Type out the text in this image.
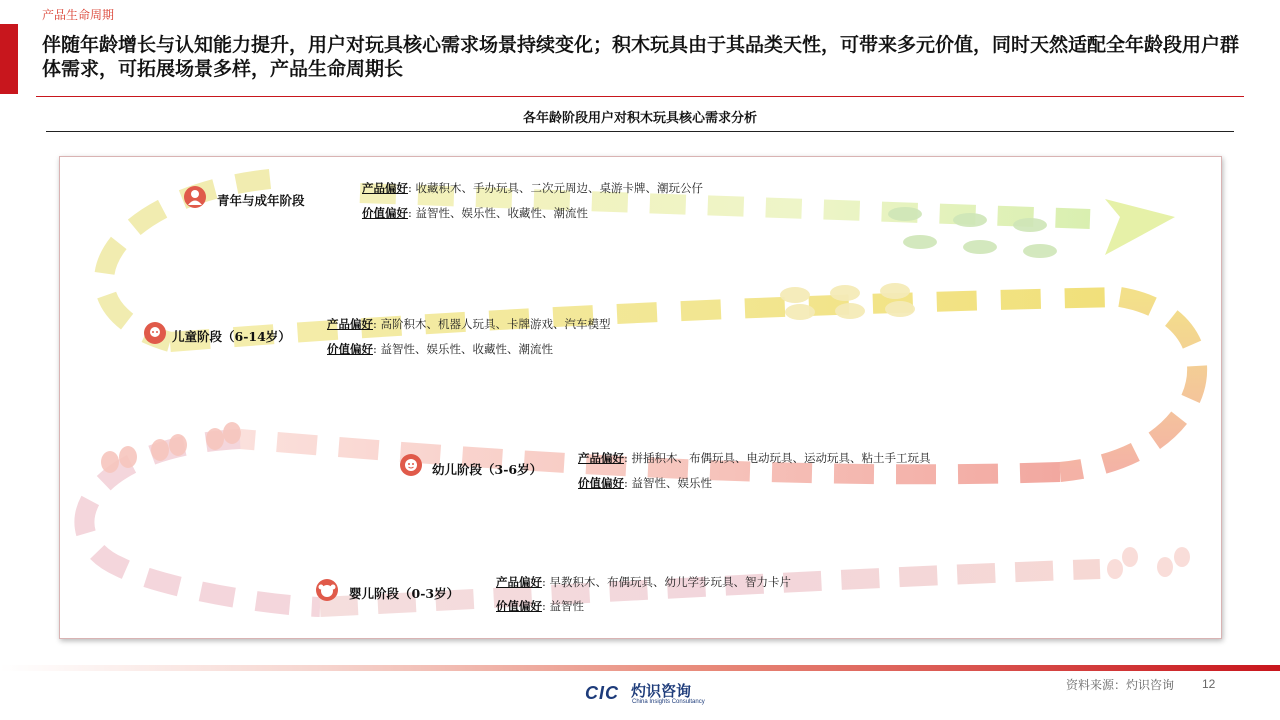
产品生命周期
伴随年龄增长与认知能力提升，用户对玩具核心需求场景持续变化；积木玩具由于其品类天性，可带来多元价值，同时天然适配全年龄段用户群体需求，可拓展场景多样，产品生命周期长
各年龄阶段用户对积木玩具核心需求分析
青年与成年阶段
产品偏好: 收藏积木、手办玩具、二次元周边、桌游卡牌、潮玩公仔
价值偏好: 益智性、娱乐性、收藏性、潮流性
儿童阶段（6-14岁）
产品偏好: 高阶积木、机器人玩具、卡牌游戏、汽车模型
价值偏好: 益智性、娱乐性、收藏性、潮流性
幼儿阶段（3-6岁）
产品偏好: 拼插积木、布偶玩具、电动玩具、运动玩具、粘土手工玩具
价值偏好: 益智性、娱乐性
婴儿阶段（0-3岁）
产品偏好: 早教积木、布偶玩具、幼儿学步玩具、智力卡片
价值偏好: 益智性
CIC 灼识咨询
China Insights Consultancy
资料来源：灼识咨询 12
